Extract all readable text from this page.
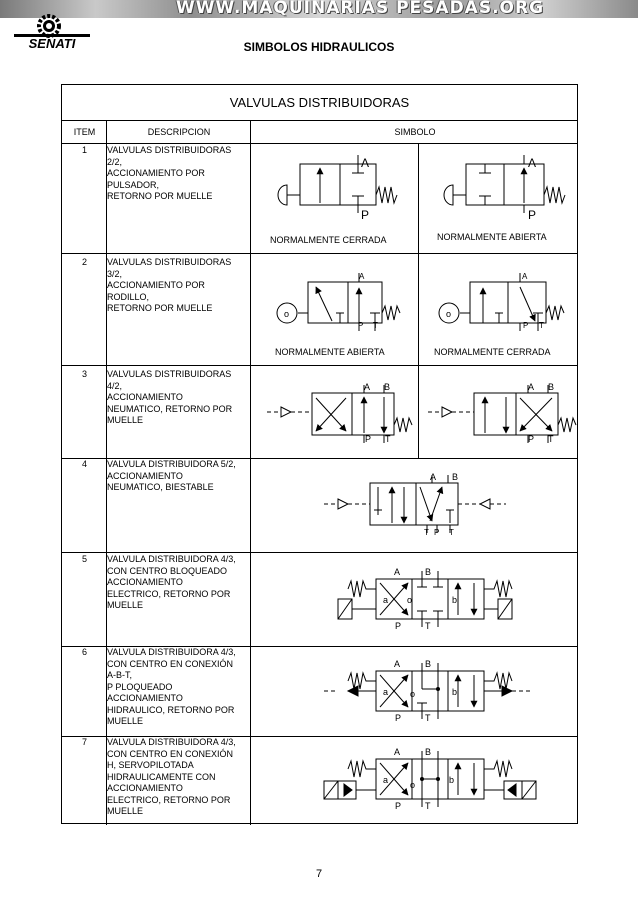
WWW.MAQUINARIAS PESADAS.ORG
SENATI	SIMBOLOS HIDRAULICOS
VALVULAS DISTRIBUIDORAS
ITEM	DESCRIPCION	SIMBOLO
1	VALVULAS DISTRIBUIDORAS
2/2,
ACCIONAMIENTO POR
PULSADOR,
RETORNO POR MUELLE
NORMALMENTE CERRADA	NORMALMENTE ABIERTA
2	VALVULAS DISTRIBUIDORAS
3/2,
ACCIONAMIENTO POR
RODILLO,
RETORNO POR MUELLE
NORMALMENTE ABIERTA	NORMALMENTE CERRADA
3	VALVULAS DISTRIBUIDORAS
4/2,
ACCIONAMIENTO
NEUMATICO, RETORNO POR
MUELLE
4	VALVULA DISTRIBUIDORA 5/2,
ACCIONAMIENTO
NEUMATICO, BIESTABLE
5	VALVULA DISTRIBUIDORA 4/3,
CON CENTRO BLOQUEADO
ACCIONAMIENTO
ELECTRICO, RETORNO POR
MUELLE
6	VALVULA DISTRIBUIDORA 4/3,
CON CENTRO EN CONEXIÓN
A-B-T,
P PLOQUEADO
ACCIONAMIENTO
HIDRAULICO, RETORNO POR
MUELLE
7	VALVULA DISTRIBUIDORA 4/3,
CON CENTRO EN CONEXIÓN
H, SERVOPILOTADA
HIDRAULICAMENTE CON
ACCIONAMIENTO
ELECTRICO, RETORNO POR
MUELLE
A
P
A
P
A
P T
o
A
P T
o
A B
P T
A B
P T
A B
T P T
A	B
P	T
a o	b
A	B
P	T
a o	b
A	B
P	T
a o	b
7
